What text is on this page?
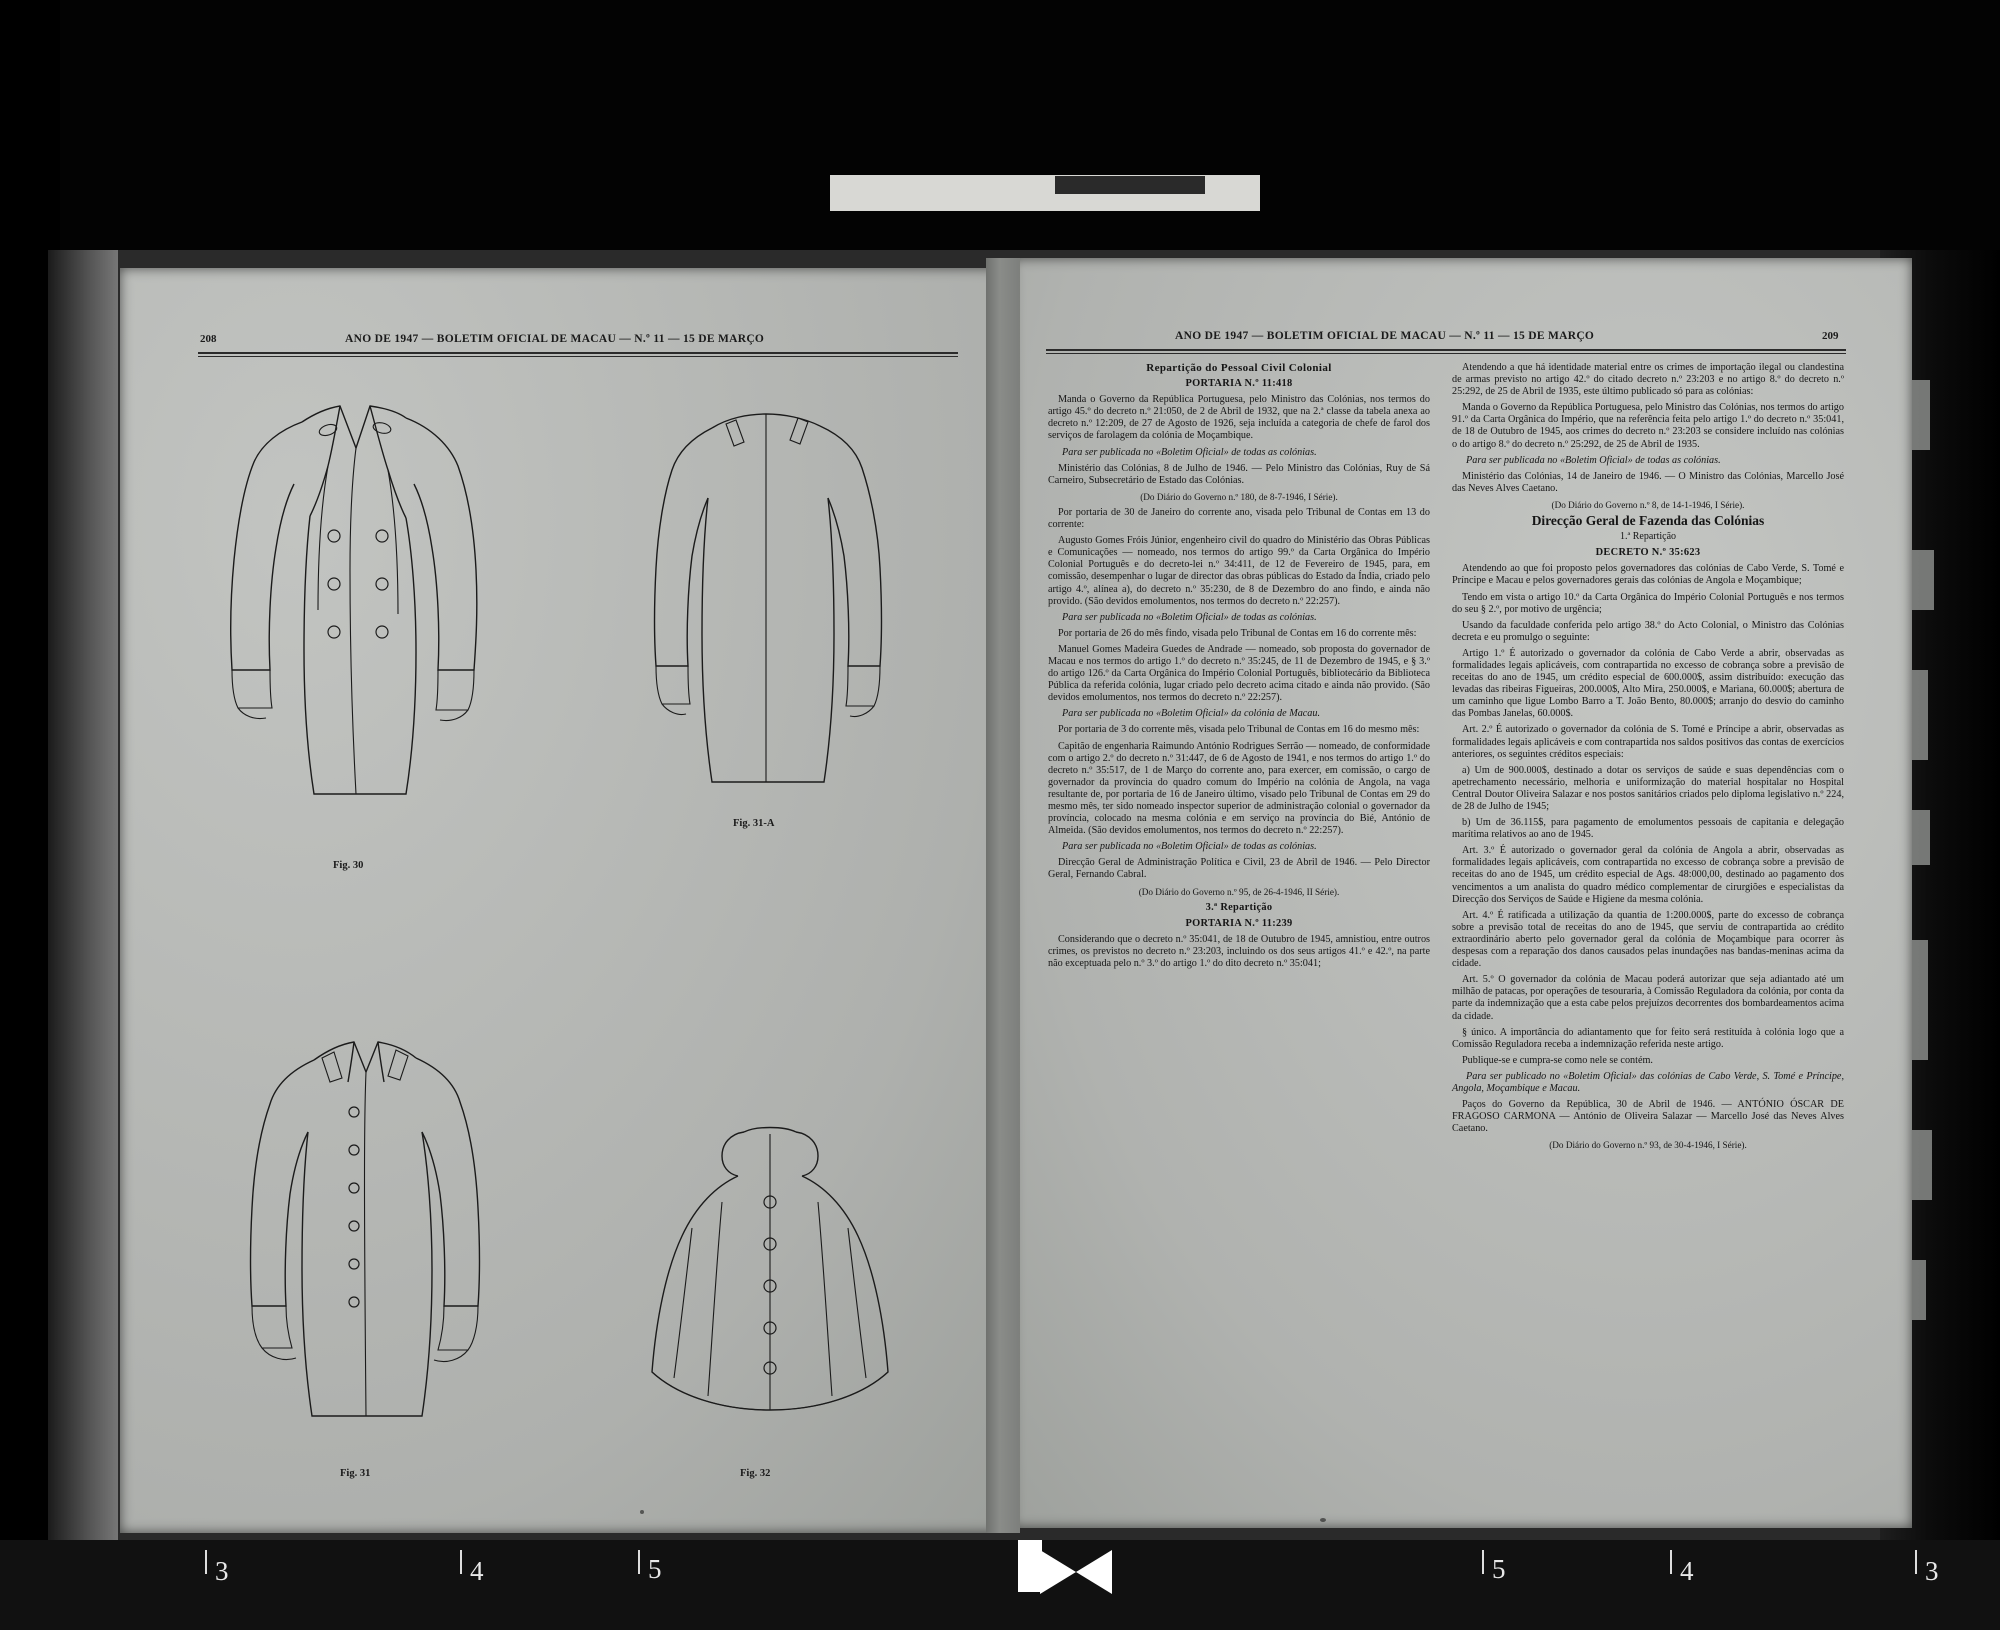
208	ANO DE 1947 — BOLETIM OFICIAL DE MACAU — N.º 11 — 15 DE MARÇO
Fig. 30
Fig. 31-A
Fig. 31	Fig. 32
ANO DE 1947 — BOLETIM OFICIAL DE MACAU — N.º 11 — 15 DE MARÇO	209

Repartição do Pessoal Civil Colonial

PORTARIA N.º 11:418

Manda o Governo da República Portuguesa, pelo Ministro das Colónias, nos termos do artigo 45.º do decreto n.º 21:050, de 2 de Abril de 1932, que na 2.ª classe da tabela anexa ao decreto n.º 12:209, de 27 de Agosto de 1926, seja incluída a categoria de chefe de farol dos serviços de farolagem da colónia de Moçambique.

Para ser publicada no «Boletim Oficial» de todas as colónias.

Ministério das Colónias, 8 de Julho de 1946. — Pelo Ministro das Colónias, Ruy de Sá Carneiro, Subsecretário de Estado das Colónias.

(Do Diário do Governo n.º 180, de 8-7-1946, I Série).

Por portaria de 30 de Janeiro do corrente ano, visada pelo Tribunal de Contas em 13 do corrente:

Augusto Gomes Fróis Júnior, engenheiro civil do quadro do Ministério das Obras Públicas e Comunicações — nomeado, nos termos do artigo 99.º da Carta Orgânica do Império Colonial Português e do decreto-lei n.º 34:411, de 12 de Fevereiro de 1945, para, em comissão, desempenhar o lugar de director das obras públicas do Estado da Índia, criado pelo artigo 4.º, alínea a), do decreto n.º 35:230, de 8 de Dezembro do ano findo, e ainda não provido. (São devidos emolumentos, nos termos do decreto n.º 22:257).

Para ser publicada no «Boletim Oficial» de todas as colónias.

Por portaria de 26 do mês findo, visada pelo Tribunal de Contas em 16 do corrente mês:

Manuel Gomes Madeira Guedes de Andrade — nomeado, sob proposta do governador de Macau e nos termos do artigo 1.º do decreto n.º 35:245, de 11 de Dezembro de 1945, e § 3.º do artigo 126.º da Carta Orgânica do Império Colonial Português, bibliotecário da Biblioteca Pública da referida colónia, lugar criado pelo decreto acima citado e ainda não provido. (São devidos emolumentos, nos termos do decreto n.º 22:257).

Para ser publicada no «Boletim Oficial» da colónia de Macau.

Por portaria de 3 do corrente mês, visada pelo Tribunal de Contas em 16 do mesmo mês:

Capitão de engenharia Raimundo António Rodrigues Serrão — nomeado, de conformidade com o artigo 2.º do decreto n.º 31:447, de 6 de Agosto de 1941, e nos termos do artigo 1.º do decreto n.º 35:517, de 1 de Março do corrente ano, para exercer, em comissão, o cargo de governador da província do quadro comum do Império na colónia de Angola, na vaga resultante de, por portaria de 16 de Janeiro último, visado pelo Tribunal de Contas em 29 do mesmo mês, ter sido nomeado inspector superior de administração colonial o governador da província, colocado na mesma colónia e em serviço na província do Bié, António de Almeida. (São devidos emolumentos, nos termos do decreto n.º 22:257).

Para ser publicada no «Boletim Oficial» de todas as colónias.

Direcção Geral de Administração Política e Civil, 23 de Abril de 1946. — Pelo Director Geral, Fernando Cabral.

(Do Diário do Governo n.º 95, de 26-4-1946, II Série).

3.ª Repartição

PORTARIA N.º 11:239

Considerando que o decreto n.º 35:041, de 18 de Outubro de 1945, amnistiou, entre outros crimes, os previstos no decreto n.º 23:203, incluindo os dos seus artigos 41.º e 42.º, na parte não exceptuada pelo n.º 3.º do artigo 1.º do dito decreto n.º 35:041;

Atendendo a que há identidade material entre os crimes de importação ilegal ou clandestina de armas previsto no artigo 42.º do citado decreto n.º 23:203 e no artigo 8.º do decreto n.º 25:292, de 25 de Abril de 1935, este último publicado só para as colónias:

Manda o Governo da República Portuguesa, pelo Ministro das Colónias, nos termos do artigo 91.º da Carta Orgânica do Império, que na referência feita pelo artigo 1.º do decreto n.º 35:041, de 18 de Outubro de 1945, aos crimes do decreto n.º 23:203 se considere incluído nas colónias o do artigo 8.º do decreto n.º 25:292, de 25 de Abril de 1935.

Para ser publicada no «Boletim Oficial» de todas as colónias.

Ministério das Colónias, 14 de Janeiro de 1946. — O Ministro das Colónias, Marcello José das Neves Alves Caetano.

(Do Diário do Governo n.º 8, de 14-1-1946, I Série).

Direcção Geral de Fazenda das Colónias

1.ª Repartição

DECRETO N.º 35:623

Atendendo ao que foi proposto pelos governadores das colónias de Cabo Verde, S. Tomé e Príncipe e Macau e pelos governadores gerais das colónias de Angola e Moçambique;

Tendo em vista o artigo 10.º da Carta Orgânica do Império Colonial Português e nos termos do seu § 2.º, por motivo de urgência;

Usando da faculdade conferida pelo artigo 38.º do Acto Colonial, o Ministro das Colónias decreta e eu promulgo o seguinte:

Artigo 1.º É autorizado o governador da colónia de Cabo Verde a abrir, observadas as formalidades legais aplicáveis, com contrapartida no excesso de cobrança sobre a previsão de receitas do ano de 1945, um crédito especial de 600.000$, assim distribuído: execução das levadas das ribeiras Figueiras, 200.000$, Alto Mira, 250.000$, e Mariana, 60.000$; abertura de um caminho que ligue Lombo Barro a T. João Bento, 80.000$; arranjo do desvio do caminho das Pombas Janelas, 60.000$.

Art. 2.º É autorizado o governador da colónia de S. Tomé e Príncipe a abrir, observadas as formalidades legais aplicáveis e com contrapartida nos saldos positivos das contas de exercícios anteriores, os seguintes créditos especiais:

a) Um de 900.000$, destinado a dotar os serviços de saúde e suas dependências com o apetrechamento necessário, melhoria e uniformização do material hospitalar no Hospital Central Doutor Oliveira Salazar e nos postos sanitários criados pelo diploma legislativo n.º 224, de 28 de Julho de 1945;

b) Um de 36.115$, para pagamento de emolumentos pessoais de capitania e delegação marítima relativos ao ano de 1945.

Art. 3.º É autorizado o governador geral da colónia de Angola a abrir, observadas as formalidades legais aplicáveis, com contrapartida no excesso de cobrança sobre a previsão de receitas do ano de 1945, um crédito especial de Ags. 48:000,00, destinado ao pagamento dos vencimentos a um analista do quadro médico complementar de cirurgiões e especialistas da Direcção dos Serviços de Saúde e Higiene da mesma colónia.

Art. 4.º É ratificada a utilização da quantia de 1:200.000$, parte do excesso de cobrança sobre a previsão total de receitas do ano de 1945, que serviu de contrapartida ao crédito extraordinário aberto pelo governador geral da colónia de Moçambique para ocorrer às despesas com a reparação dos danos causados pelas inundações nas bandas-meninas acima da cidade.

Art. 5.º O governador da colónia de Macau poderá autorizar que seja adiantado até um milhão de patacas, por operações de tesouraria, à Comissão Reguladora da colónia, por conta da parte da indemnização que a esta cabe pelos prejuízos decorrentes dos bombardeamentos acima da cidade.

§ único. A importância do adiantamento que for feito será restituída à colónia logo que a Comissão Reguladora receba a indemnização referida neste artigo.

Publique-se e cumpra-se como nele se contém.

Para ser publicado no «Boletim Oficial» das colónias de Cabo Verde, S. Tomé e Príncipe, Angola, Moçambique e Macau.

Paços do Governo da República, 30 de Abril de 1946. — ANTÓNIO ÓSCAR DE FRAGOSO CARMONA — António de Oliveira Salazar — Marcello José das Neves Alves Caetano.

(Do Diário do Governo n.º 93, de 30-4-1946, I Série).

3	4	5	5	4	3
